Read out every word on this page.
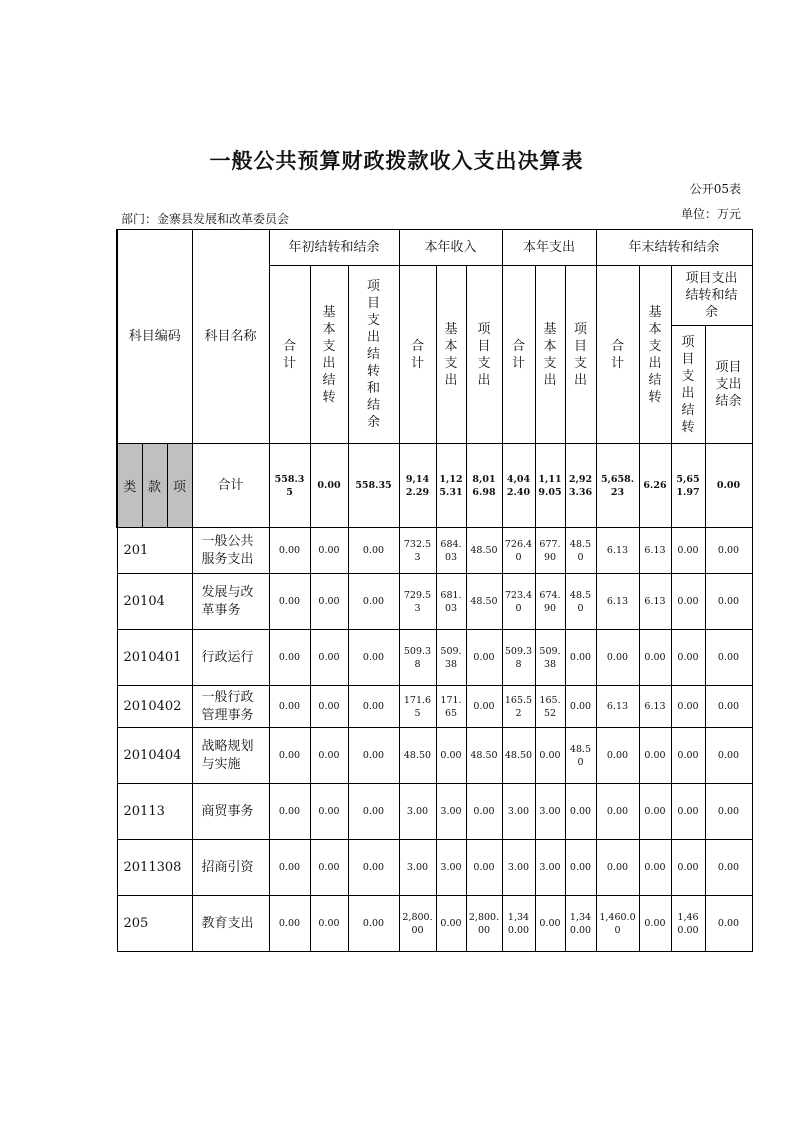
一般公共预算财政拨款收入支出决算表
公开05表
部门：金寨县发展和改革委员会	单位：万元
科目编码			科目名称	年初结转和结余			本年收入			本年支出			年末结转和结余			
				合计	基本支出结转	项目支出结转和结余	合计	基本支出	项目支出	合计	基本支出	项目支出	合计	基本支出结转	项目支出结转和结余	
															项目支出结转	项目支出结余
类	款	项	合计	558.35	0.00	558.35	9,142.29	1,125.31	8,016.98	4,042.40	1,119.05	2,923.36	5,658.23	6.26	5,651.97	0.00
201			一般公共服务支出	0.00	0.00	0.00	732.53	684.03	48.50	726.40	677.90	48.50	6.13	6.13	0.00	0.00
20104			发展与改革事务	0.00	0.00	0.00	729.53	681.03	48.50	723.40	674.90	48.50	6.13	6.13	0.00	0.00
2010401			行政运行	0.00	0.00	0.00	509.38	509.38	0.00	509.38	509.38	0.00	0.00	0.00	0.00	0.00
2010402			一般行政管理事务	0.00	0.00	0.00	171.65	171.65	0.00	165.52	165.52	0.00	6.13	6.13	0.00	0.00
2010404			战略规划与实施	0.00	0.00	0.00	48.50	0.00	48.50	48.50	0.00	48.50	0.00	0.00	0.00	0.00
20113			商贸事务	0.00	0.00	0.00	3.00	3.00	0.00	3.00	3.00	0.00	0.00	0.00	0.00	0.00
2011308			招商引资	0.00	0.00	0.00	3.00	3.00	0.00	3.00	3.00	0.00	0.00	0.00	0.00	0.00
205			教育支出	0.00	0.00	0.00	2,800.00	0.00	2,800.00	1,340.00	0.00	1,340.00	1,460.00	0.00	1,460.00	0.00
